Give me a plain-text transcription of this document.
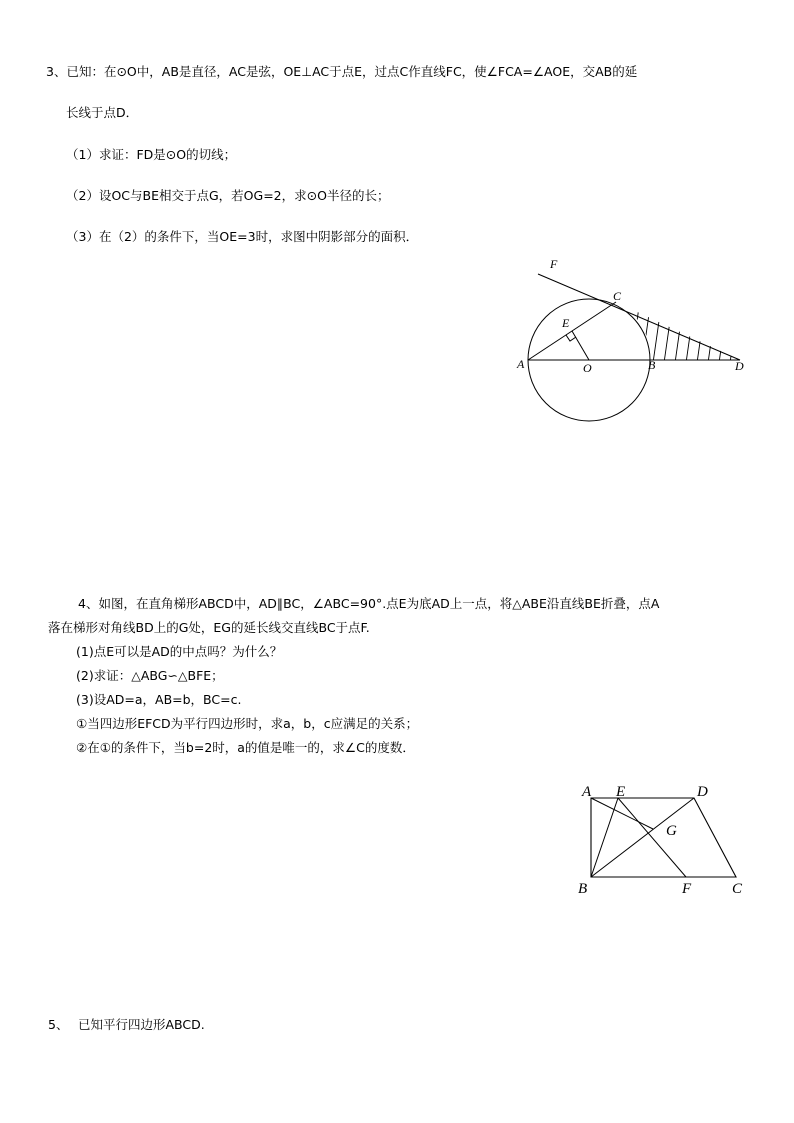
3、已知：在⊙O中，AB是直径，AC是弦，OE⊥AC于点E，过点C作直线FC，使∠FCA=∠AOE，交AB的延
长线于点D．
（1）求证：FD是⊙O的切线；
（2）设OC与BE相交于点G，若OG=2，求⊙O半径的长；
（3）在（2）的条件下，当OE=3时，求图中阴影部分的面积．
F
C
E
A	O	B	D
4、如图，在直角梯形ABCD中，AD∥BC，∠ABC=90°.点E为底AD上一点，将△ABE沿直线BE折叠，点A
落在梯形对角线BD上的G处，EG的延长线交直线BC于点F.
(1)点E可以是AD的中点吗？为什么？
(2)求证：△ABG∽△BFE；
(3)设AD=a，AB=b，BC=c.
①当四边形EFCD为平行四边形时，求a，b，c应满足的关系；
②在①的条件下，当b=2时，a的值是唯一的，求∠C的度数．
A E	D
G
B	F	C
5、 已知平行四边形ABCD.
